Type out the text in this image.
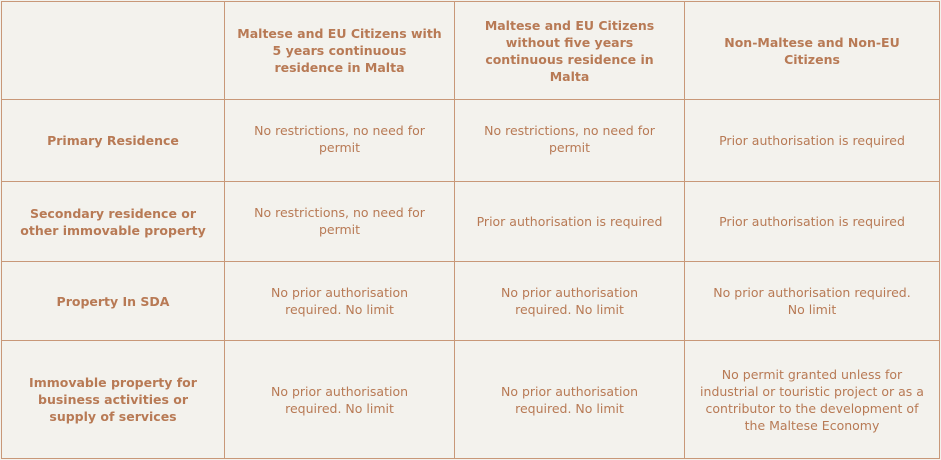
	Maltese and EU Citizens with 5 years continuous residence in Malta	Maltese and EU Citizens without five years continuous residence in Malta	Non-Maltese and Non-EU Citizens
Primary Residence	No restrictions, no need for permit	No restrictions, no need for permit	Prior authorisation is required
Secondary residence or other immovable property	No restrictions, no need for permit	Prior authorisation is required	Prior authorisation is required
Property In SDA	No prior authorisation required. No limit	No prior authorisation required. No limit	No prior authorisation required. No limit
Immovable property for business activities or supply of services	No prior authorisation required. No limit	No prior authorisation required. No limit	No permit granted unless for industrial or touristic project or as a contributor to the development of the Maltese Economy
